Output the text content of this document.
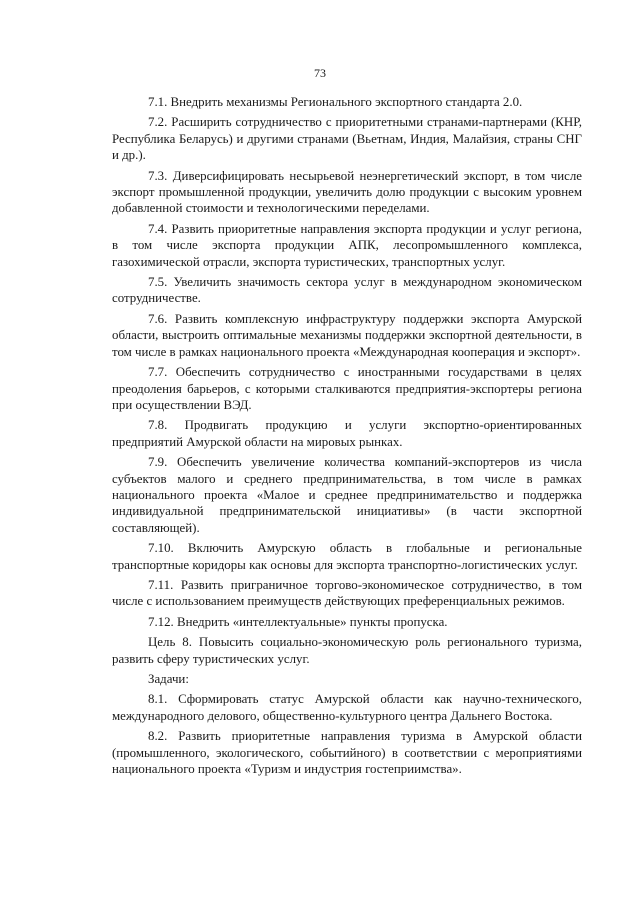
73

7.1. Внедрить механизмы Регионального экспортного стандарта 2.0.

7.2. Расширить сотрудничество с приоритетными странами-партнерами (КНР, Республика Беларусь) и другими странами (Вьетнам, Индия, Малайзия, страны СНГ и др.).

7.3. Диверсифицировать несырьевой неэнергетический экспорт, в том числе экспорт промышленной продукции, увеличить долю продукции с высоким уровнем добавленной стоимости и технологическими переделами.

7.4. Развить приоритетные направления экспорта продукции и услуг региона, в том числе экспорта продукции АПК, лесопромышленного комплекса, газохимической отрасли, экспорта туристических, транспортных услуг.

7.5. Увеличить значимость сектора услуг в международном экономическом сотрудничестве.

7.6. Развить комплексную инфраструктуру поддержки экспорта Амурской области, выстроить оптимальные механизмы поддержки экспортной деятельности, в том числе в рамках национального проекта «Международная кооперация и экспорт».

7.7. Обеспечить сотрудничество с иностранными государствами в целях преодоления барьеров, с которыми сталкиваются предприятия-экспортеры региона при осуществлении ВЭД.

7.8. Продвигать продукцию и услуги экспортно-ориентированных предприятий Амурской области на мировых рынках.

7.9. Обеспечить увеличение количества компаний-экспортеров из числа субъектов малого и среднего предпринимательства, в том числе в рамках национального проекта «Малое и среднее предпринимательство и поддержка индивидуальной предпринимательской инициативы» (в части экспортной составляющей).

7.10. Включить Амурскую область в глобальные и региональные транспортные коридоры как основы для экспорта транспортно-логистических услуг.

7.11. Развить приграничное торгово-экономическое сотрудничество, в том числе с использованием преимуществ действующих преференциальных режимов.

7.12. Внедрить «интеллектуальные» пункты пропуска.

Цель 8. Повысить социально-экономическую роль регионального туризма, развить сферу туристических услуг.

Задачи:

8.1. Сформировать статус Амурской области как научно-технического, международного делового, общественно-культурного центра Дальнего Востока.

8.2. Развить приоритетные направления туризма в Амурской области (промышленного, экологического, событийного) в соответствии с мероприятиями национального проекта «Туризм и индустрия гостеприимства».
